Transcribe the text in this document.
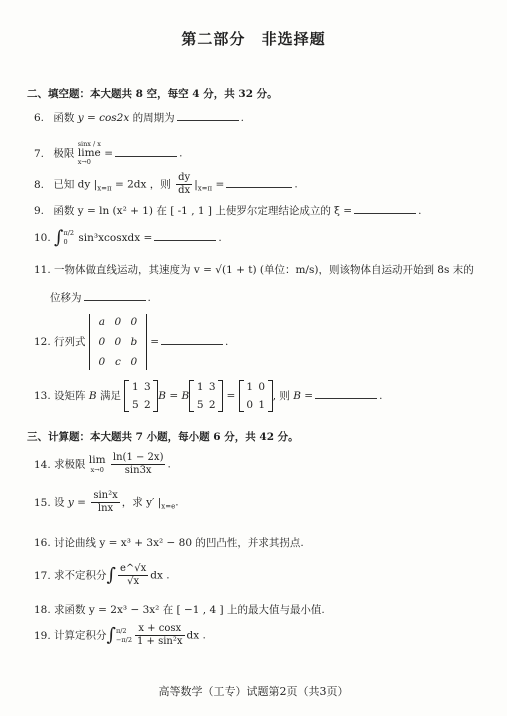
第二部分 非选择题
二、填空题：本大题共 8 空，每空 4 分，共 32 分。
6. 函数 y = cos2x 的周期为	.
7. 极限
sinx / x
lime
x→0
=	.
8. 已知 dy $|_{x=\pi} = 2dx$ ，则 $\frac{dy}{dx} |_{x=\pi}$ =	.
9. 函数 y = ln (x² + 1) 在 [ -1 , 1 ] 上使罗尔定理结论成立的 ξ =	.
10. ∫ π/2
0	sin³xcosxdx =	.
11. 一物体做直线运动，其速度为 v = √(1 + t) (单位：m/s)，则该物体自运动开始到 8s 末的
位移为	.
12. 行列式
a 0 0
0 0 b
0 c 0
=	.
13. 设矩阵 B 满足
1 3
5 2
B = B
1 3
5 2
=
1 0
0 1
, 则 B =	.
三、计算题：本大题共 7 小题，每小题 6 分，共 42 分。
14. 求极限 lim
x→0
$\frac{\ln(1 - 2x)}{\sin 3x}$ .
15. 设 $y = \frac{\text{sin²x}}{\ln x}$ ，求 y′ $|_{x=e}$.
16. 讨论曲线 y = x³ + 3x² − 80 的凹凸性，并求其拐点.
17. 求不定积分∫ $\frac{e\^{}√x}{√x}$ dx .
18. 求函数 y = 2x³ − 3x² 在 [ −1 , 4 ] 上的最大值与最小值.
19. 计算定积分∫ π/2
$-\pi/2 \frac{x + \cos x}{\text{1 + sin²x}}$ dx .
高等数学（工专）试题第2页（共3页）
